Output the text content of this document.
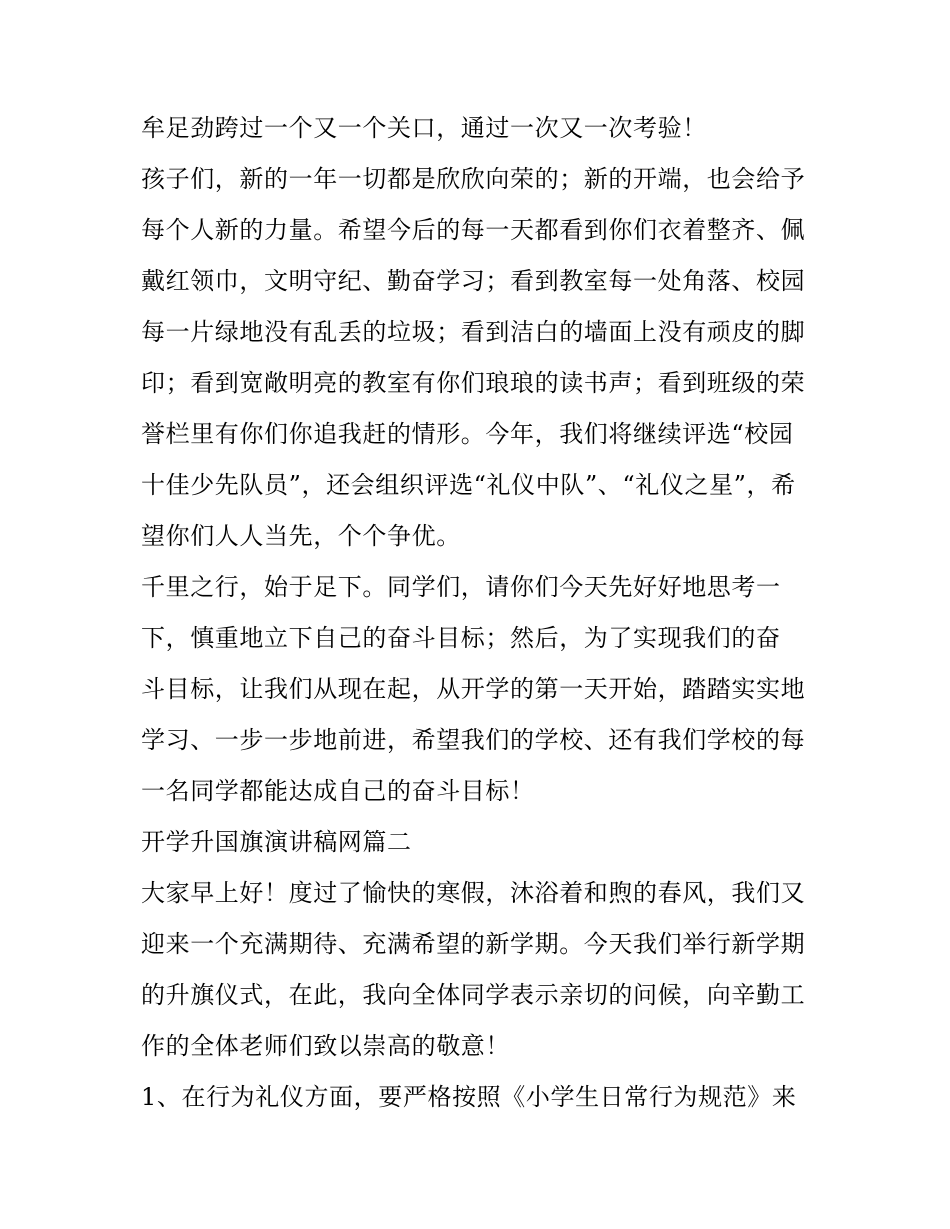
牟足劲跨过一个又一个关口，通过一次又一次考验！
孩子们，新的一年一切都是欣欣向荣的；新的开端，也会给予
每个人新的力量。希望今后的每一天都看到你们衣着整齐、佩
戴红领巾，文明守纪、勤奋学习；看到教室每一处角落、校园
每一片绿地没有乱丢的垃圾；看到洁白的墙面上没有顽皮的脚
印；看到宽敞明亮的教室有你们琅琅的读书声；看到班级的荣
誉栏里有你们你追我赶的情形。今年，我们将继续评选“校园
十佳少先队员”，还会组织评选“礼仪中队”、“礼仪之星”，希
望你们人人当先，个个争优。
千里之行，始于足下。同学们，请你们今天先好好地思考一
下，慎重地立下自己的奋斗目标；然后，为了实现我们的奋
斗目标，让我们从现在起，从开学的第一天开始，踏踏实实地
学习、一步一步地前进，希望我们的学校、还有我们学校的每
一名同学都能达成自己的奋斗目标！
开学升国旗演讲稿网篇二
大家早上好！度过了愉快的寒假，沐浴着和煦的春风，我们又
迎来一个充满期待、充满希望的新学期。今天我们举行新学期
的升旗仪式，在此，我向全体同学表示亲切的问候，向辛勤工
作的全体老师们致以崇高的敬意！
1、在行为礼仪方面，要严格按照《小学生日常行为规范》来
